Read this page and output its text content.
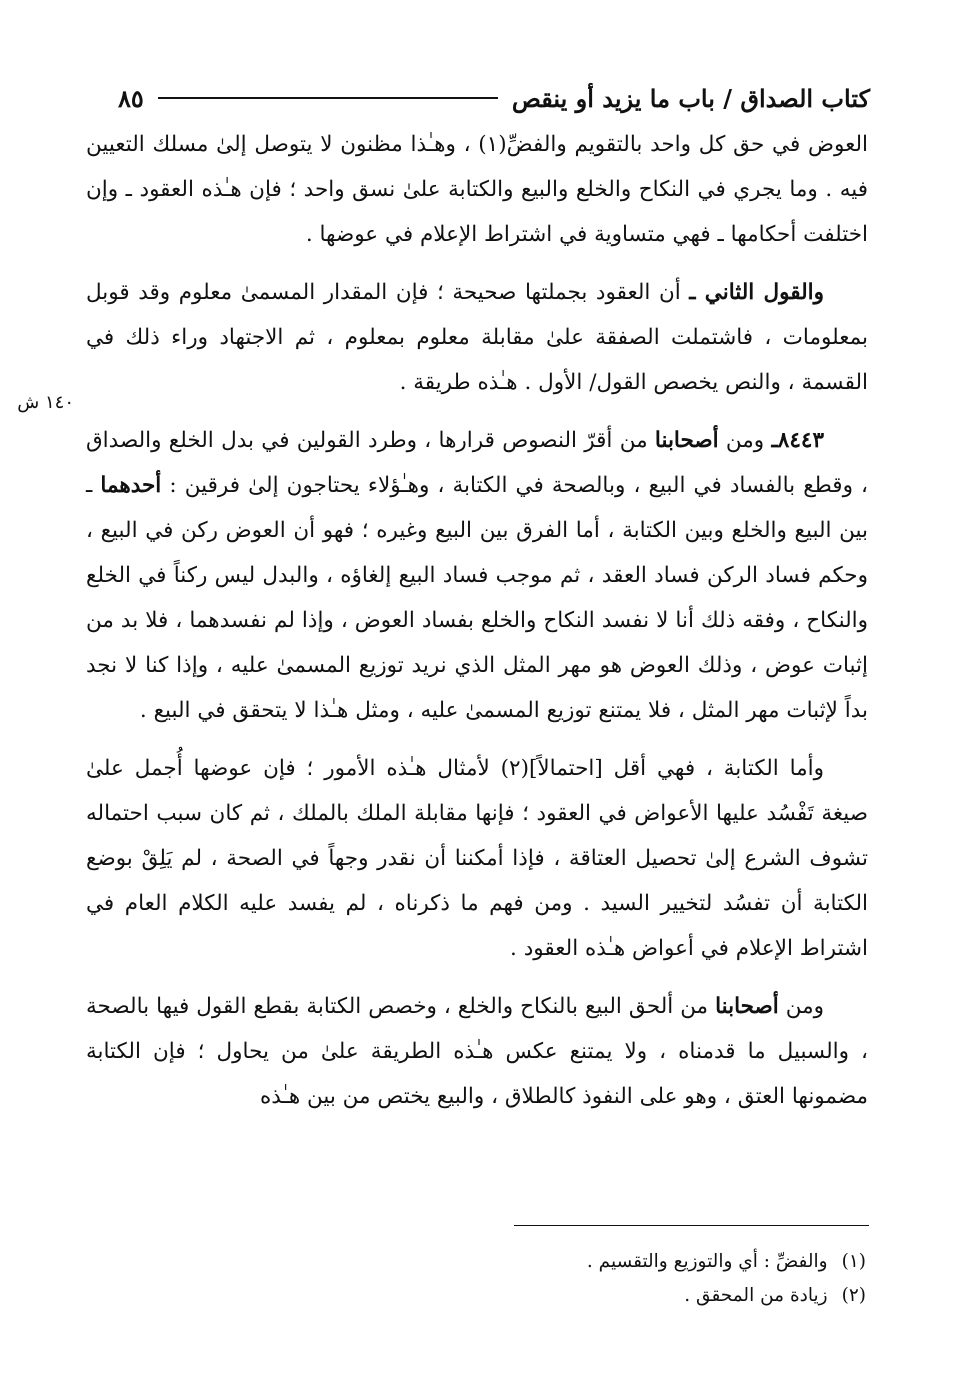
كتاب الصداق / باب ما يزيد أو ينقص
٨٥
١٤٠ ش

العوض في حق كل واحد بالتقويم والفضِّ(١) ، وهـٰذا مظنون لا يتوصل إلىٰ مسلك التعيين فيه . وما يجري في النكاح والخلع والبيع والكتابة علىٰ نسق واحد ؛ فإن هـٰذه العقود ـ وإن اختلفت أحكامها ـ فهي متساوية في اشتراط الإعلام في عوضها .

والقول الثاني ـ أن العقود بجملتها صحيحة ؛ فإن المقدار المسمىٰ معلوم وقد قوبل بمعلومات ، فاشتملت الصفقة علىٰ مقابلة معلوم بمعلوم ، ثم الاجتهاد وراء ذلك في القسمة ، والنص يخصص القول/ الأول . هـٰذه طريقة .

٨٤٤٣ـ ومن أصحابنا من أقرّ النصوص قرارها ، وطرد القولين في بدل الخلع والصداق ، وقطع بالفساد في البيع ، وبالصحة في الكتابة ، وهـٰؤلاء يحتاجون إلىٰ فرقين : أحدهما ـ بين البيع والخلع وبين الكتابة ، أما الفرق بين البيع وغيره ؛ فهو أن العوض ركن في البيع ، وحكم فساد الركن فساد العقد ، ثم موجب فساد البيع إلغاؤه ، والبدل ليس ركناً في الخلع والنكاح ، وفقه ذلك أنا لا نفسد النكاح والخلع بفساد العوض ، وإذا لم نفسدهما ، فلا بد من إثبات عوض ، وذلك العوض هو مهر المثل الذي نريد توزيع المسمىٰ عليه ، وإذا كنا لا نجد بداً لإثبات مهر المثل ، فلا يمتنع توزيع المسمىٰ عليه ، ومثل هـٰذا لا يتحقق في البيع .

وأما الكتابة ، فهي أقل [احتمالاً](٢) لأمثال هـٰذه الأمور ؛ فإن عوضها أُجمل علىٰ صيغة تَفْسُد عليها الأعواض في العقود ؛ فإنها مقابلة الملك بالملك ، ثم كان سبب احتماله تشوف الشرع إلىٰ تحصيل العتاقة ، فإذا أمكننا أن نقدر وجهاً في الصحة ، لم يَلِقْ بوضع الكتابة أن تفسُد لتخيير السيد . ومن فهم ما ذكرناه ، لم يفسد عليه الكلام العام في اشتراط الإعلام في أعواض هـٰذه العقود .

ومن أصحابنا من ألحق البيع بالنكاح والخلع ، وخصص الكتابة بقطع القول فيها بالصحة ، والسبيل ما قدمناه ، ولا يمتنع عكس هـٰذه الطريقة علىٰ من يحاول ؛ فإن الكتابة مضمونها العتق ، وهو على النفوذ كالطلاق ، والبيع يختص من بين هـٰذه

(١)
والفضِّ : أي والتوزيع والتقسيم .
(٢)
زيادة من المحقق .
